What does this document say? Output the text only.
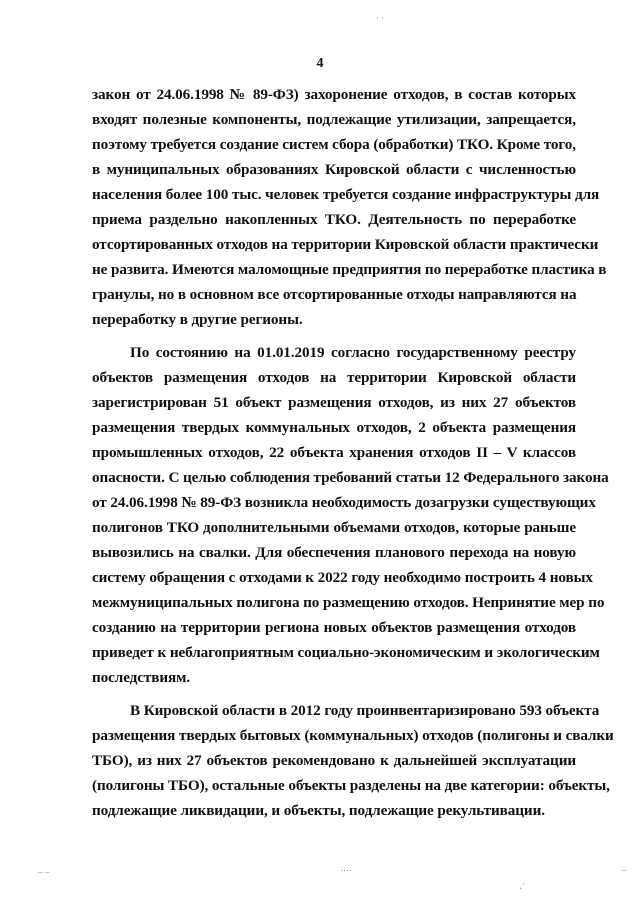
4
закон от 24.06.1998 № 89-ФЗ) захоронение отходов, в состав которых
входят полезные компоненты, подлежащие утилизации, запрещается,
поэтому требуется создание систем сбора (обработки) ТКО. Кроме того,
в муниципальных образованиях Кировской области с численностью
населения более 100 тыс. человек требуется создание инфраструктуры для
приема раздельно накопленных ТКО. Деятельность по переработке
отсортированных отходов на территории Кировской области практически
не развита. Имеются маломощные предприятия по переработке пластика в
гранулы, но в основном все отсортированные отходы направляются на
переработку в другие регионы.
По состоянию на 01.01.2019 согласно государственному реестру
объектов размещения отходов на территории Кировской области
зарегистрирован 51 объект размещения отходов, из них 27 объектов
размещения твердых коммунальных отходов, 2 объекта размещения
промышленных отходов, 22 объекта хранения отходов II – V классов
опасности. С целью соблюдения требований статьи 12 Федерального закона
от 24.06.1998 № 89-ФЗ возникла необходимость дозагрузки существующих
полигонов ТКО дополнительными объемами отходов, которые раньше
вывозились на свалки. Для обеспечения планового перехода на новую
систему обращения с отходами к 2022 году необходимо построить 4 новых
межмуниципальных полигона по размещению отходов. Непринятие мер по
созданию на территории региона новых объектов размещения отходов
приведет к неблагоприятным социально-экономическим и экологическим
последствиям.
В Кировской области в 2012 году проинвентаризировано 593 объекта
размещения твердых бытовых (коммунальных) отходов (полигоны и свалки
ТБО), из них 27 объектов рекомендовано к дальнейшей эксплуатации
(полигоны ТБО), остальные объекты разделены на две категории: объекты,
подлежащие ликвидации, и объекты, подлежащие рекультивации.
· ·
‒ ‒	‥‥	–
⸼·
